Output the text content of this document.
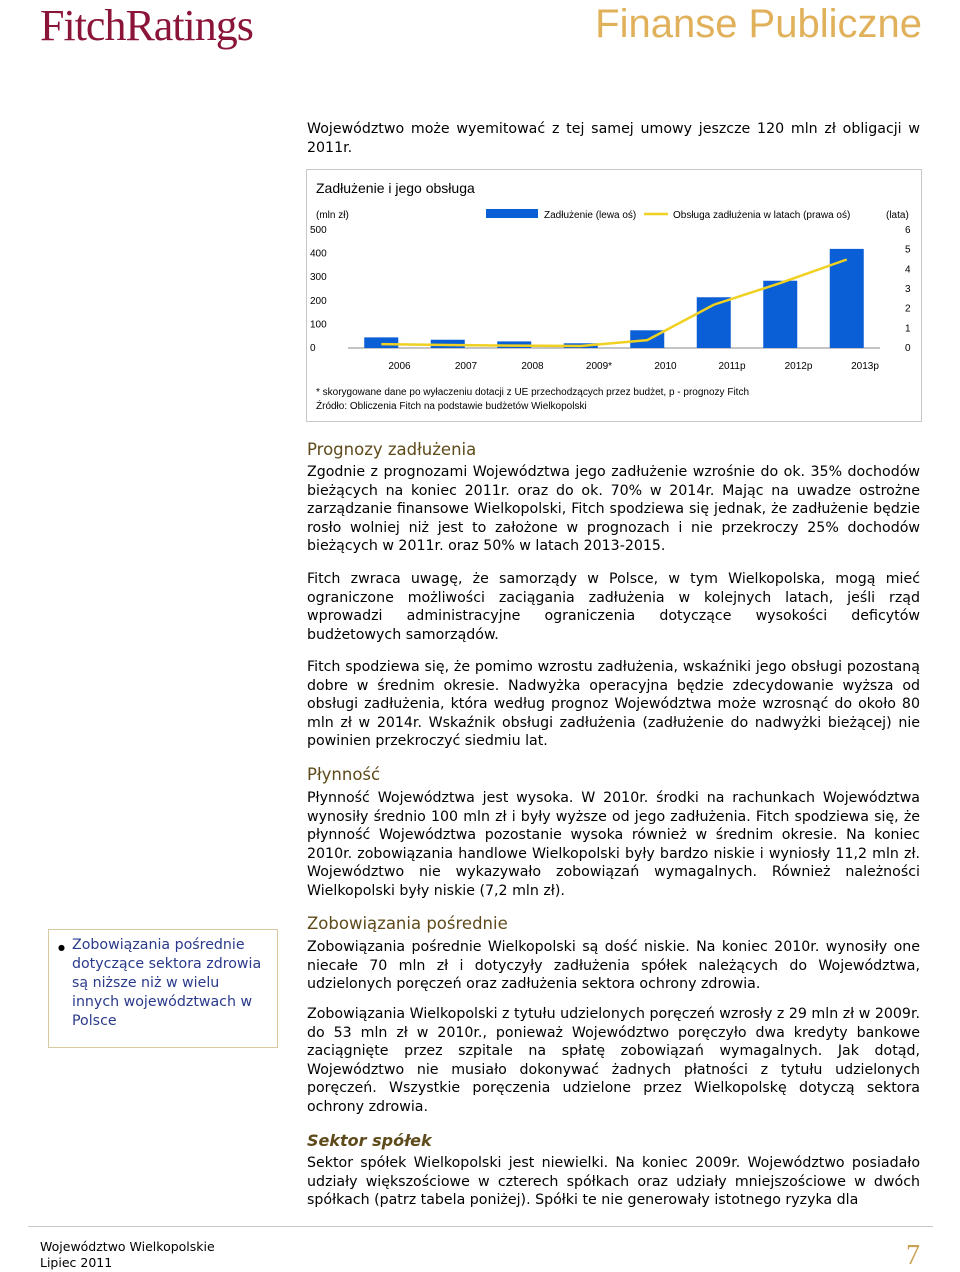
FitchRatings	Finanse Publiczne
Województwo może wyemitować z tej samej umowy jeszcze 120 mln zł obligacji w 2011r.
Zadłużenie i jego obsługa
(mln zł)	(lata)
Zadłużenie (lewa oś)	Obsługa zadłużenia w latach (prawa oś)
0
100
200
300
400
500
0
1
2
3
4
5
6
2006	2007	2008	2009*	2010	2011p	2012p	2013p
* skorygowane dane po wyłaczeniu dotacji z UE przechodzących przez budżet, p - prognozy Fitch
Źródło: Obliczenia Fitch na podstawie budżetów Wielkopolski
Prognozy zadłużenia
Zgodnie z prognozami Województwa jego zadłużenie wzrośnie do ok. 35% dochodów bieżących na koniec 2011r. oraz do ok. 70% w 2014r. Mając na uwadze ostrożne zarządzanie finansowe Wielkopolski, Fitch spodziewa się jednak, że zadłużenie będzie rosło wolniej niż jest to założone w prognozach i nie przekroczy 25% dochodów bieżących w 2011r. oraz 50% w latach 2013-2015.
Fitch zwraca uwagę, że samorządy w Polsce, w tym Wielkopolska, mogą mieć ograniczone możliwości zaciągania zadłużenia w kolejnych latach, jeśli rząd wprowadzi administracyjne ograniczenia dotyczące wysokości deficytów budżetowych samorządów.
Fitch spodziewa się, że pomimo wzrostu zadłużenia, wskaźniki jego obsługi pozostaną dobre w średnim okresie. Nadwyżka operacyjna będzie zdecydowanie wyższa od obsługi zadłużenia, która według prognoz Województwa może wzrosnąć do około 80 mln zł w 2014r. Wskaźnik obsługi zadłużenia (zadłużenie do nadwyżki bieżącej) nie powinien przekroczyć siedmiu lat.
Płynność
Płynność Województwa jest wysoka. W 2010r. środki na rachunkach Województwa wynosiły średnio 100 mln zł i były wyższe od jego zadłużenia. Fitch spodziewa się, że płynność Województwa pozostanie wysoka również w średnim okresie. Na koniec 2010r. zobowiązania handlowe Wielkopolski były bardzo niskie i wyniosły 11,2 mln zł. Województwo nie wykazywało zobowiązań wymagalnych. Również należności Wielkopolski były niskie (7,2 mln zł).
Zobowiązania pośrednie
Zobowiązania pośrednie Wielkopolski są dość niskie. Na koniec 2010r. wynosiły one niecałe 70 mln zł i dotyczyły zadłużenia spółek należących do Województwa, udzielonych poręczeń oraz zadłużenia sektora ochrony zdrowia.
Zobowiązania Wielkopolski z tytułu udzielonych poręczeń wzrosły z 29 mln zł w 2009r. do 53 mln zł w 2010r., ponieważ Województwo poręczyło dwa kredyty bankowe zaciągnięte przez szpitale na spłatę zobowiązań wymagalnych. Jak dotąd, Województwo nie musiało dokonywać żadnych płatności z tytułu udzielonych poręczeń. Wszystkie poręczenia udzielone przez Wielkopolskę dotyczą sektora ochrony zdrowia.
Sektor spółek
Sektor spółek Wielkopolski jest niewielki. Na koniec 2009r. Województwo posiadało udziały większościowe w czterech spółkach oraz udziały mniejszościowe w dwóch spółkach (patrz tabela poniżej). Spółki te nie generowały istotnego ryzyka dla
● Zobowiązania pośrednie dotyczące sektora zdrowia są niższe niż w wielu innych województwach w Polsce
Województwo Wielkopolskie
Lipiec 2011	7
